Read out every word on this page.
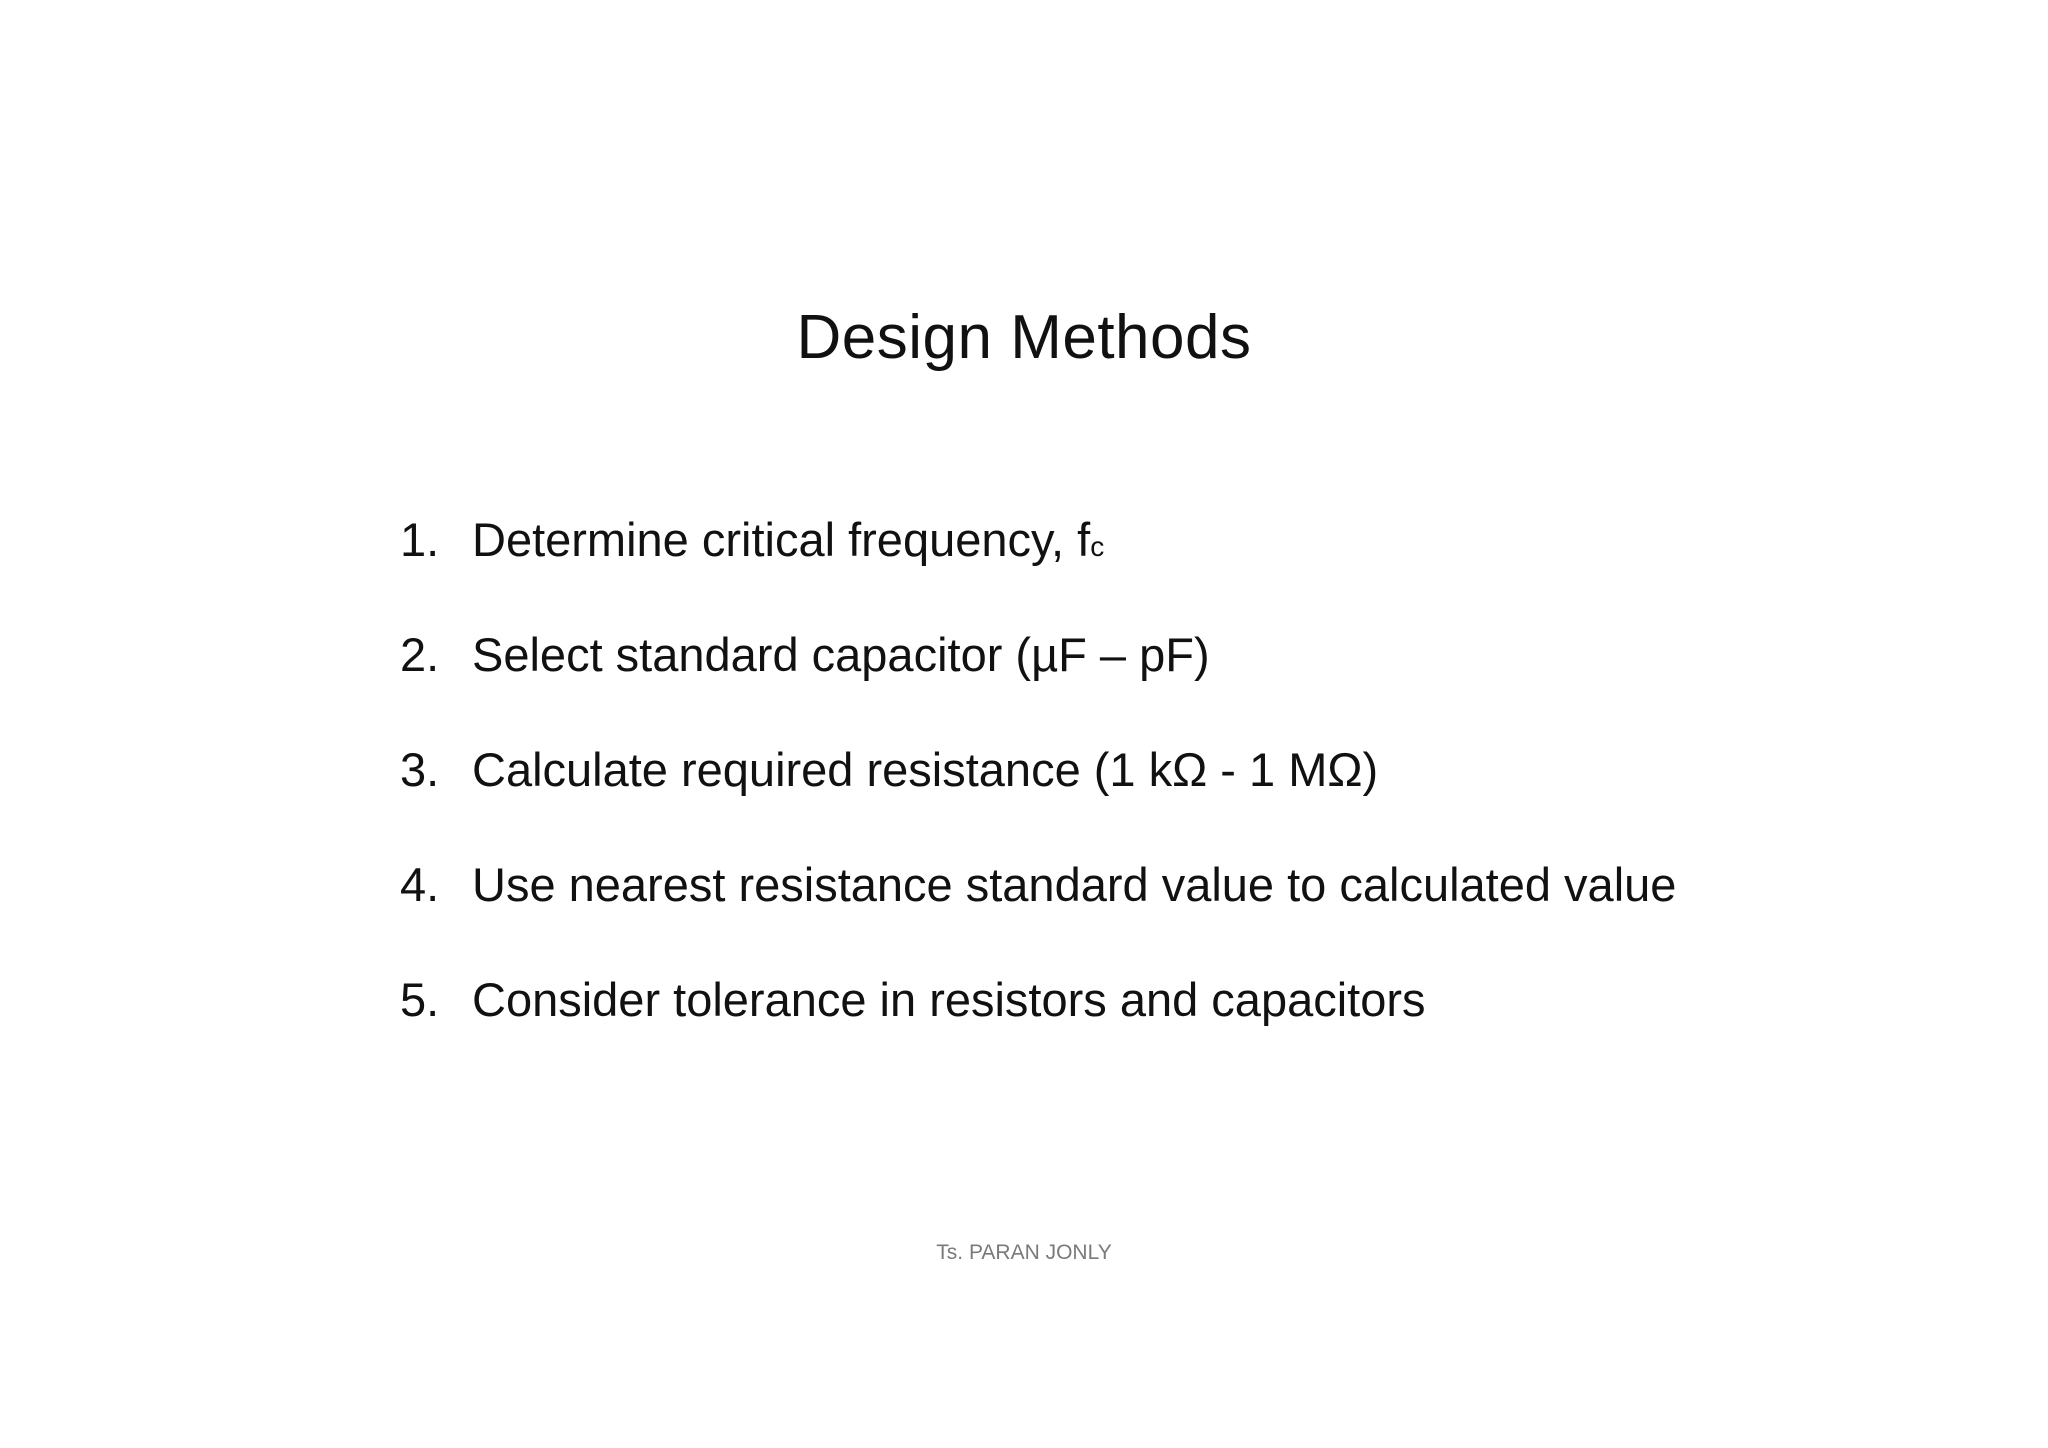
Design Methods
1. Determine critical frequency, fc
2. Select standard capacitor (µF – pF)
3. Calculate required resistance (1 kΩ - 1 MΩ)
4. Use nearest resistance standard value to calculated value
5. Consider tolerance in resistors and capacitors
Ts. PARAN JONLY
